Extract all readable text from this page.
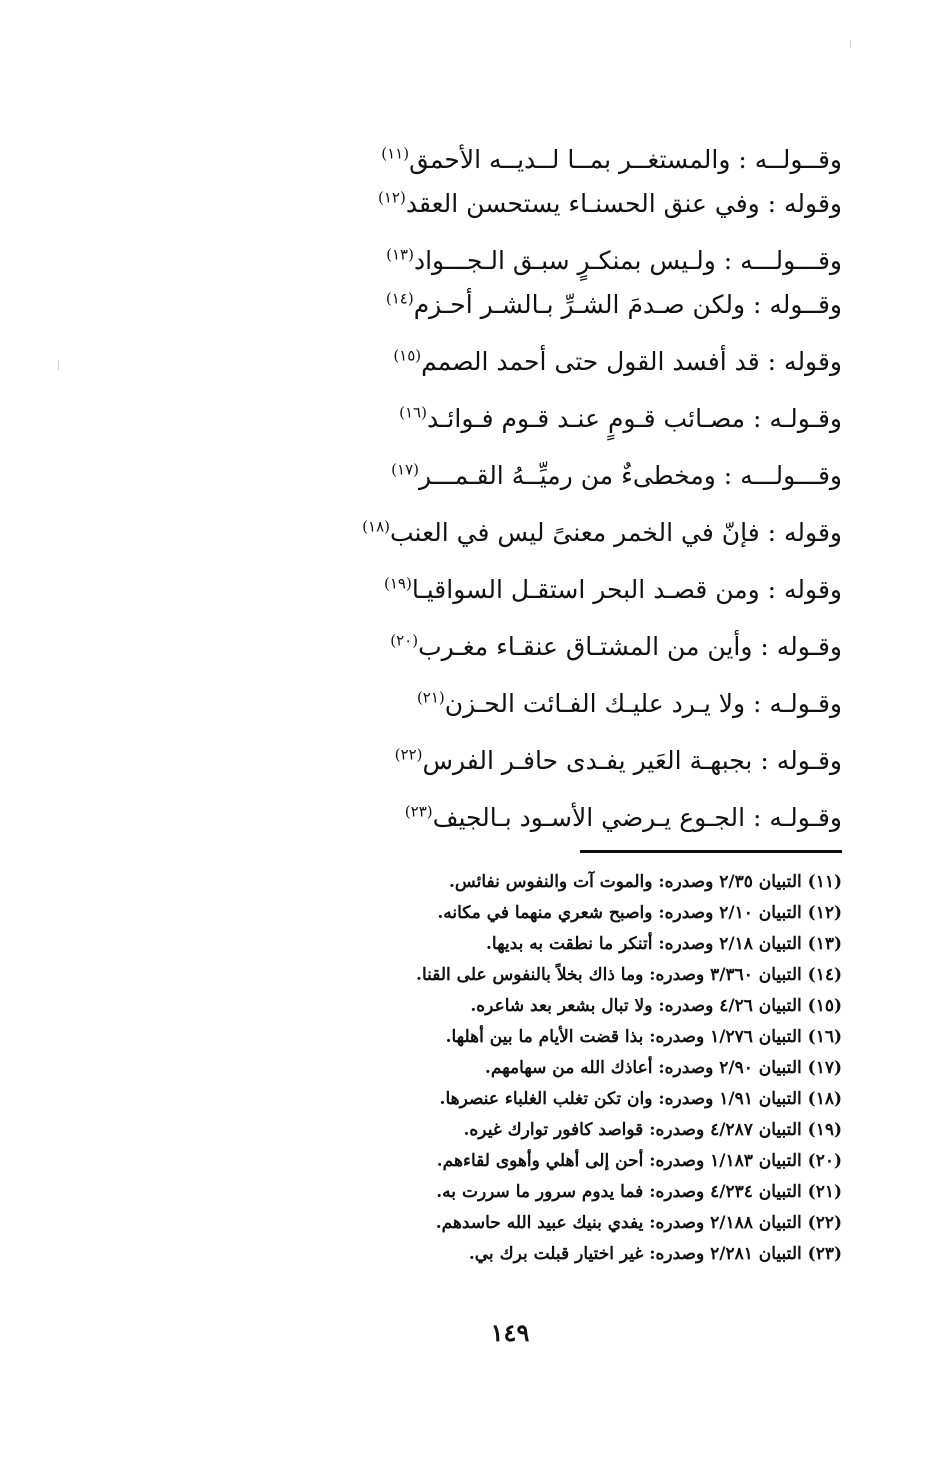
وقــولــه : والمستغــر بمــا لــديــه الأحمق$^{(١١)}$
وقوله : وفي عنق الحسنـاء يستحسن العقد$^{(١٢)}$
وقـــولـــه : ولـيس بمنكـرٍ سبـق الـجـــواد$^{(١٣)}$
وقــوله : ولكن صـدمَ الشـرِّ بـالشـر أحـزم$^{(١٤)}$
وقوله : قد أفسد القول حتى أحمد الصمم$^{(١٥)}$
وقـولـه : مصـائب قـومٍ عنـد قـوم فـوائـد$^{(١٦)}$
وقـــولـــه : ومخطىءٌ من رميِّــهُ القـمـــر$^{(١٧)}$
وقوله : فإنّ في الخمر معنىً ليس في العنب$^{(١٨)}$
وقوله : ومن قصـد البحر استقـل السواقيـا$^{(١٩)}$
وقـوله : وأين من المشتـاق عنقـاء مغـرب$^{(٢٠)}$
وقـولـه : ولا يـرد عليـك الفـائت الحـزن$^{(٢١)}$
وقـوله : بجبهـة العَير يفـدى حافـر الفرس$^{(٢٢)}$
وقـولـه : الجـوع يـرضي الأسـود بـالجيف$^{(٢٣)}$
(١١) التبيان ٢/٣٥ وصدره: والموت آت والنفوس نفائس.
(١٢) التبيان ٢/١٠ وصدره: واصبح شعري منهما في مكانه.
(١٣) التبيان ٢/١٨ وصدره: أتنكر ما نطقت به بديها.
(١٤) التبيان ٣/٣٦٠ وصدره: وما ذاك بخلاً بالنفوس على القنا.
(١٥) التبيان ٤/٢٦ وصدره: ولا تبال بشعر بعد شاعره.
(١٦) التبيان ١/٢٧٦ وصدره: بذا قضت الأيام ما بين أهلها.
(١٧) التبيان ٢/٩٠ وصدره: أعاذك الله من سهامهم.
(١٨) التبيان ١/٩١ وصدره: وان تكن تغلب الغلباء عنصرها.
(١٩) التبيان ٤/٢٨٧ وصدره: قواصد كافور توارك غيره.
(٢٠) التبيان ١/١٨٣ وصدره: أحن إلى أهلي وأهوى لقاءهم.
(٢١) التبيان ٤/٢٣٤ وصدره: فما يدوم سرور ما سررت به.
(٢٢) التبيان ٢/١٨٨ وصدره: يفدي بنيك عبيد الله حاسدهم.
(٢٣) التبيان ٢/٢٨١ وصدره: غير اختيار قبلت برك بي.
١٤٩
